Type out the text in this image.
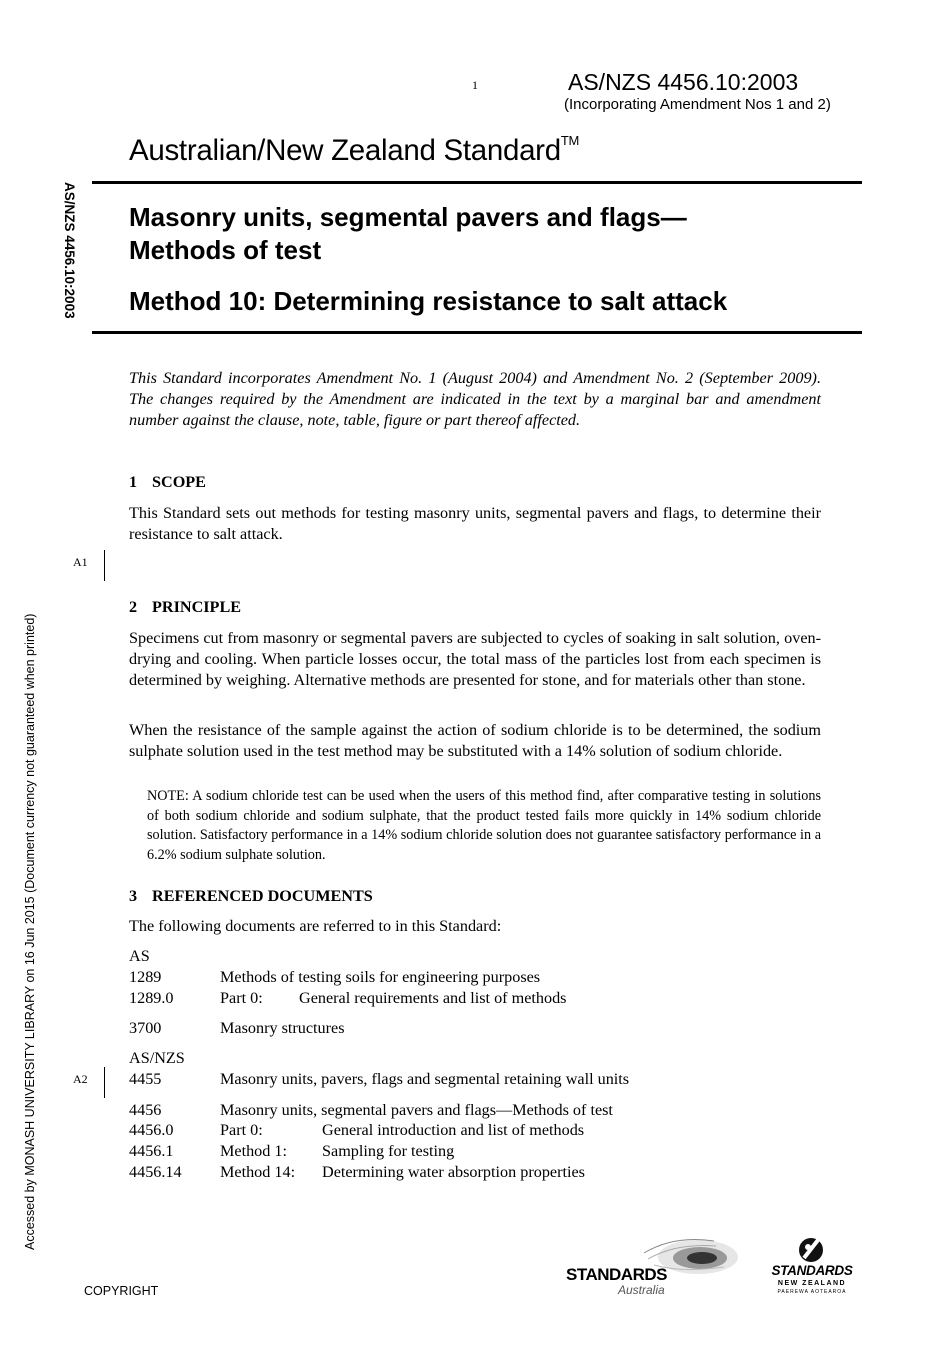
1	AS/NZS 4456.10:2003
(Incorporating Amendment Nos 1 and 2)
Australian/New Zealand Standard™
Masonry units, segmental pavers and flags—
Methods of test
Method 10: Determining resistance to salt attack
AS/NZS 4456.10:2003
Accessed by MONASH UNIVERSITY LIBRARY on 16 Jun 2015 (Document currency not guaranteed when printed)
This Standard incorporates Amendment No. 1 (August 2004) and Amendment No. 2 (September 2009). The changes required by the Amendment are indicated in the text by a marginal bar and amendment number against the clause, note, table, figure or part thereof affected.
1 SCOPE
This Standard sets out methods for testing masonry units, segmental pavers and flags, to determine their resistance to salt attack.
A1
2 PRINCIPLE
Specimens cut from masonry or segmental pavers are subjected to cycles of soaking in salt solution, oven-drying and cooling. When particle losses occur, the total mass of the particles lost from each specimen is determined by weighing. Alternative methods are presented for stone, and for materials other than stone.
When the resistance of the sample against the action of sodium chloride is to be determined, the sodium sulphate solution used in the test method may be substituted with a 14% solution of sodium chloride.
NOTE: A sodium chloride test can be used when the users of this method find, after comparative testing in solutions of both sodium chloride and sodium sulphate, that the product tested fails more quickly in 14% sodium chloride solution. Satisfactory performance in a 14% sodium chloride solution does not guarantee satisfactory performance in a 6.2% sodium sulphate solution.
3 REFERENCED DOCUMENTS
The following documents are referred to in this Standard:
AS
1289	Methods of testing soils for engineering purposes
1289.0	Part 0: General requirements and list of methods
3700	Masonry structures
AS/NZS
A2	4455	Masonry units, pavers, flags and segmental retaining wall units
4456	Masonry units, segmental pavers and flags—Methods of test
4456.0	Part 0:	General introduction and list of methods
4456.1	Method 1: Sampling for testing
4456.14 Method 14: Determining water absorption properties
COPYRIGHT
STANDARDS
Australia
STANDARDS
NEW ZEALAND
PAEREWA AOTEAROA
